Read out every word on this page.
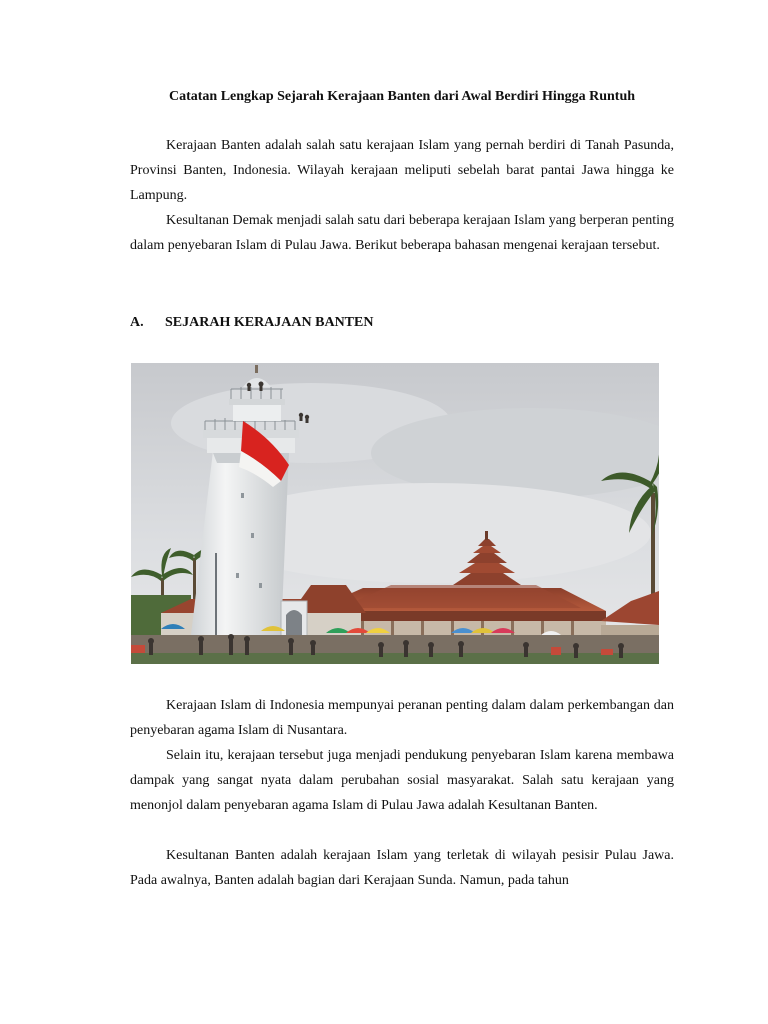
Catatan Lengkap Sejarah Kerajaan Banten dari Awal Berdiri Hingga Runtuh

Kerajaan Banten adalah salah satu kerajaan Islam yang pernah berdiri di Tanah Pasunda, Provinsi Banten, Indonesia. Wilayah kerajaan meliputi sebelah barat pantai Jawa hingga ke Lampung.

Kesultanan Demak menjadi salah satu dari beberapa kerajaan Islam yang berperan penting dalam penyebaran Islam di Pulau Jawa. Berikut beberapa bahasan mengenai kerajaan tersebut.

A. SEJARAH KERAJAAN BANTEN

Kerajaan Islam di Indonesia mempunyai peranan penting dalam dalam perkembangan dan penyebaran agama Islam di Nusantara.

Selain itu, kerajaan tersebut juga menjadi pendukung penyebaran Islam karena membawa dampak yang sangat nyata dalam perubahan sosial masyarakat. Salah satu kerajaan yang menonjol dalam penyebaran agama Islam di Pulau Jawa adalah Kesultanan Banten.

Kesultanan Banten adalah kerajaan Islam yang terletak di wilayah pesisir Pulau Jawa. Pada awalnya, Banten adalah bagian dari Kerajaan Sunda. Namun, pada tahun
